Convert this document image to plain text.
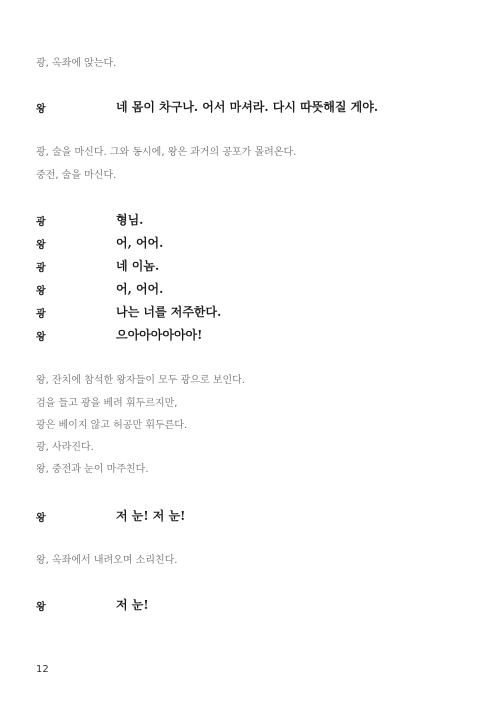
광, 옥좌에 앉는다.
왕	네 몸이 차구나. 어서 마셔라. 다시 따뜻해질 게야.
광, 술을 마신다. 그와 동시에, 왕은 과거의 공포가 몰려온다.
중전, 술을 마신다.
광	형님.
왕	어, 어어.
광	네 이놈.
왕	어, 어어.
광	나는 너를 저주한다.
왕	으아아아아아아!
왕, 잔치에 참석한 왕자들이 모두 광으로 보인다.
검을 들고 광을 베려 휘두르지만,
광은 베이지 않고 허공만 휘두른다.
광, 사라진다.
왕, 중전과 눈이 마주친다.
왕	저 눈! 저 눈!
왕, 옥좌에서 내려오며 소리친다.
왕	저 눈!
12
